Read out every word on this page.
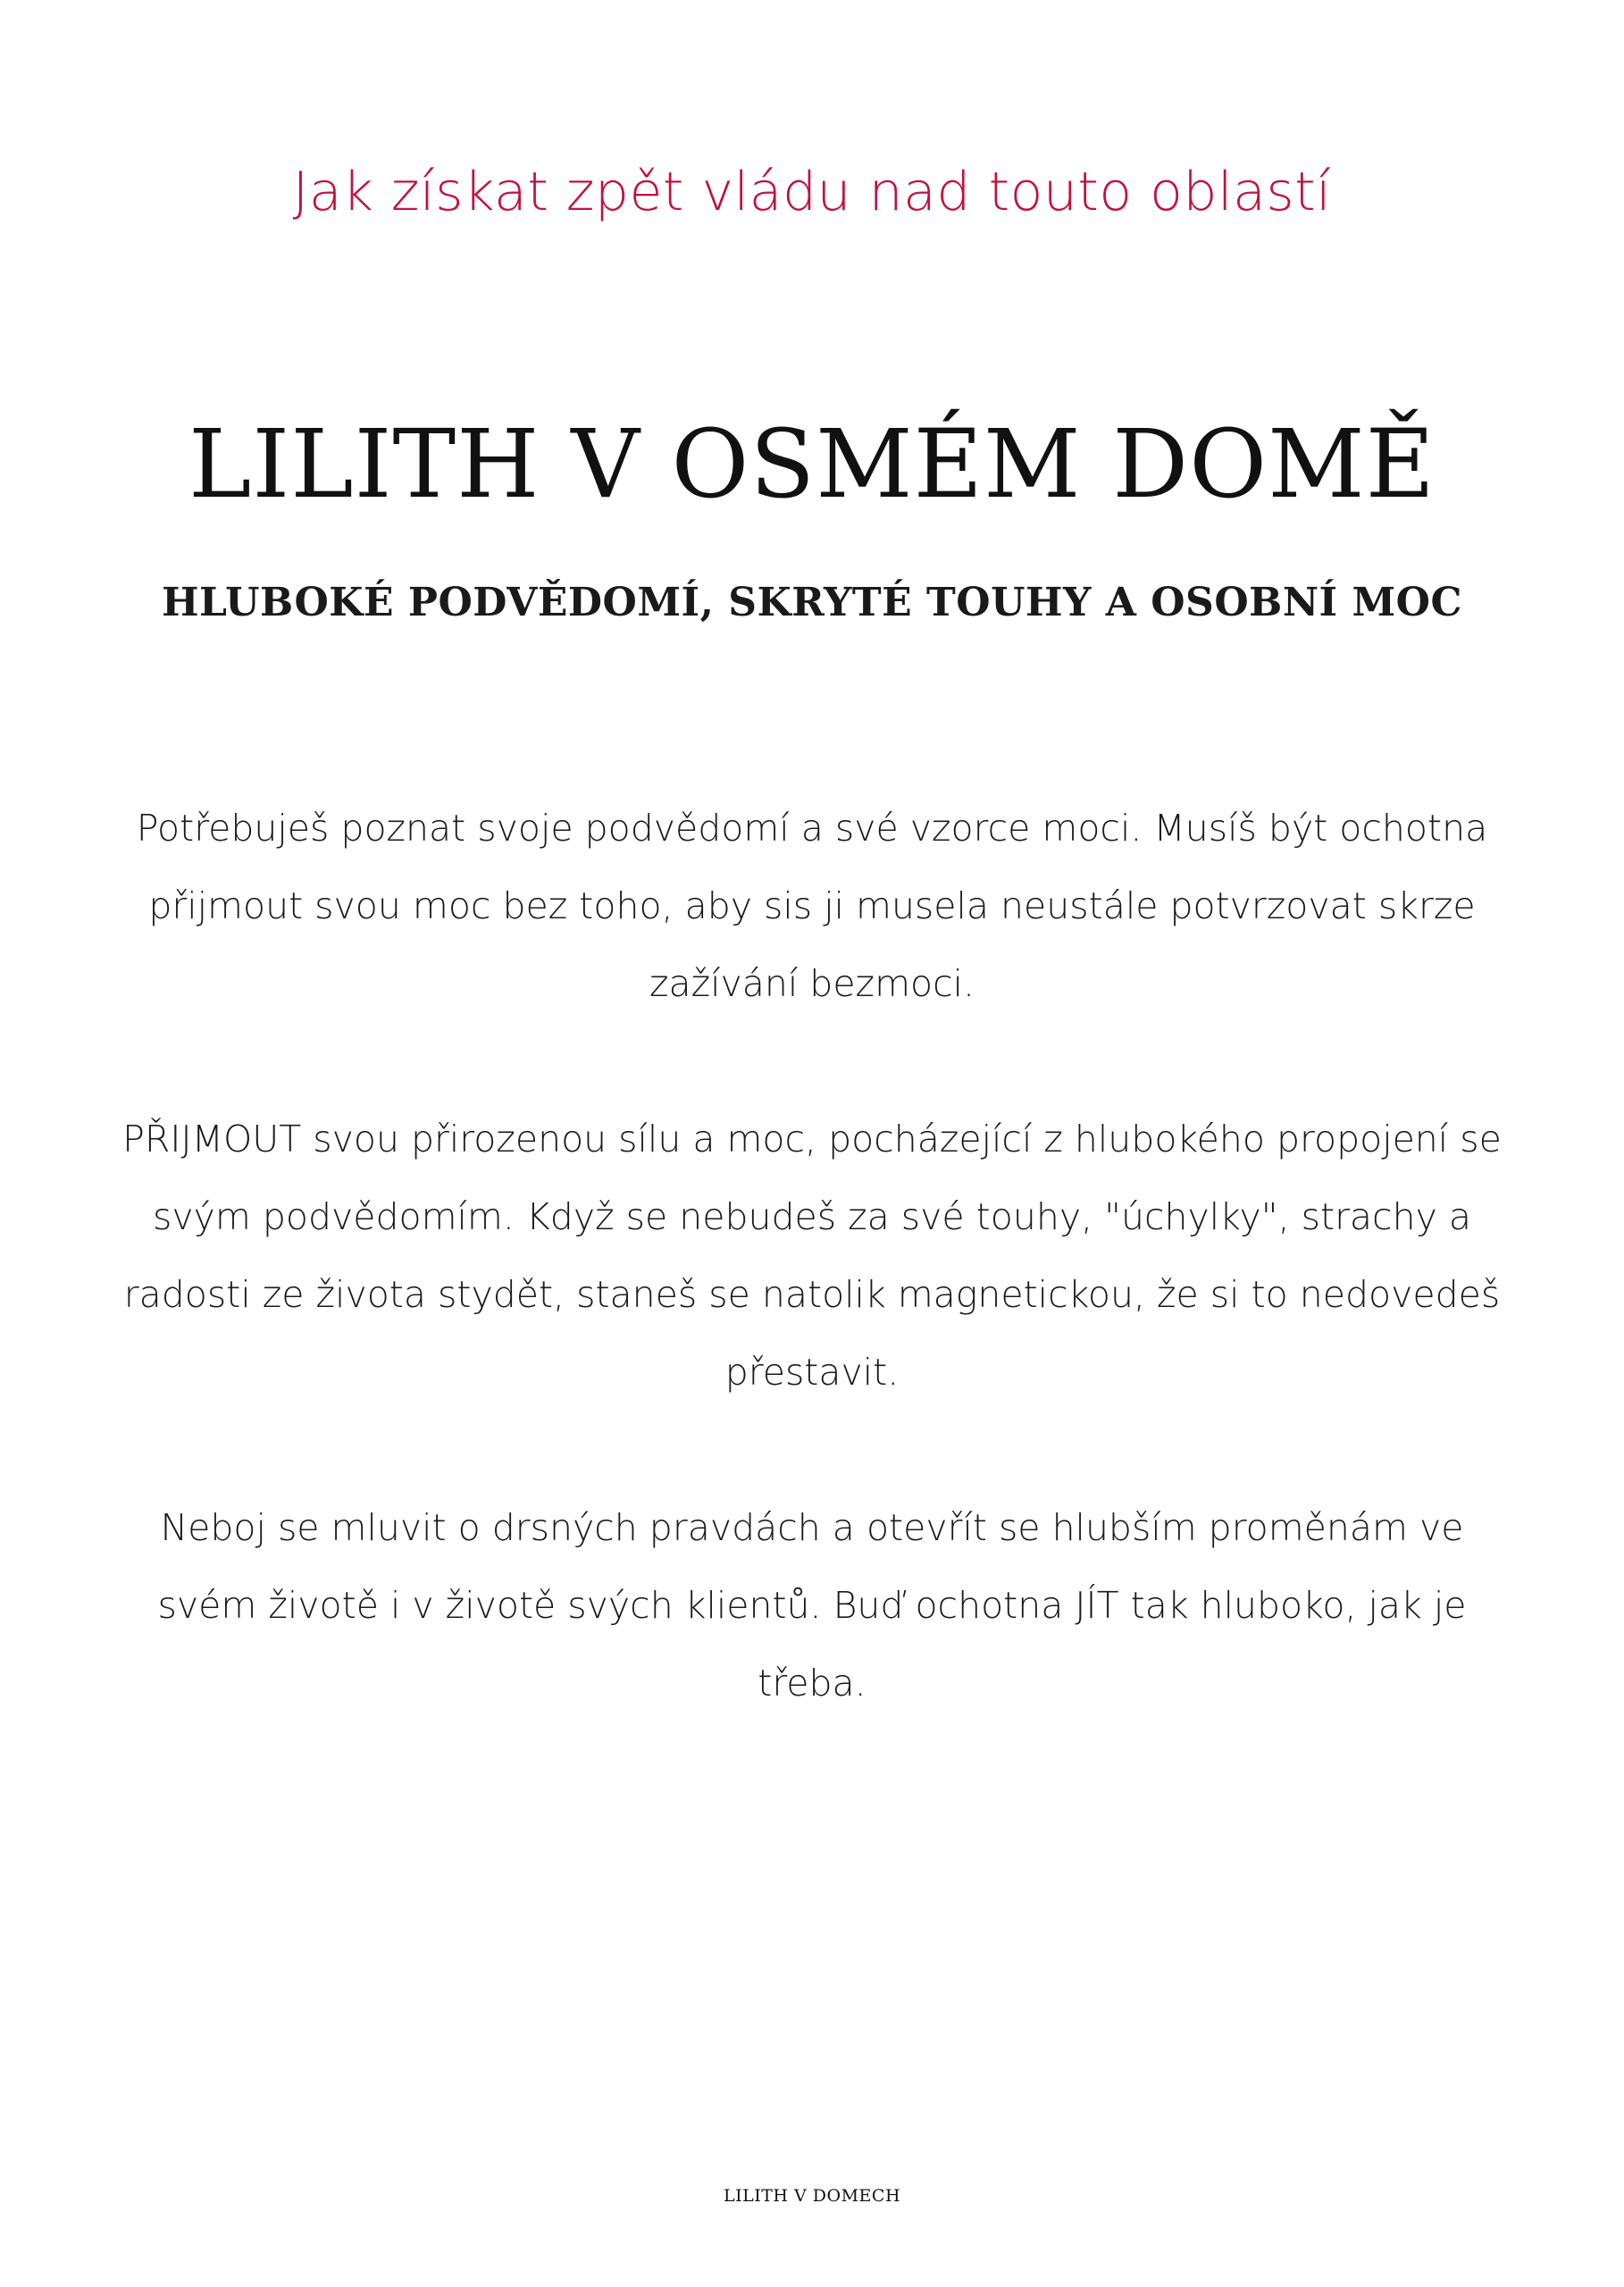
Jak získat zpět vládu nad touto oblastí
LILITH V OSMÉM DOMĚ
HLUBOKÉ PODVĚDOMÍ, SKRYTÉ TOUHY A OSOBNÍ MOC

Potřebuješ poznat svoje podvědomí a své vzorce moci. Musíš být ochotna přijmout svou moc bez toho, aby sis ji musela neustále potvrzovat skrze zažívání bezmoci.

PŘIJMOUT svou přirozenou sílu a moc, pocházející z hlubokého propojení se svým podvědomím. Když se nebudeš za své touhy, "úchylky", strachy a radosti ze života stydět, staneš se natolik magnetickou, že si to nedovedeš přestavit.

Neboj se mluvit o drsných pravdách a otevřít se hlubším proměnám ve svém životě i v životě svých klientů. Buď ochotna JÍT tak hluboko, jak je třeba.

LILITH V DOMECH
